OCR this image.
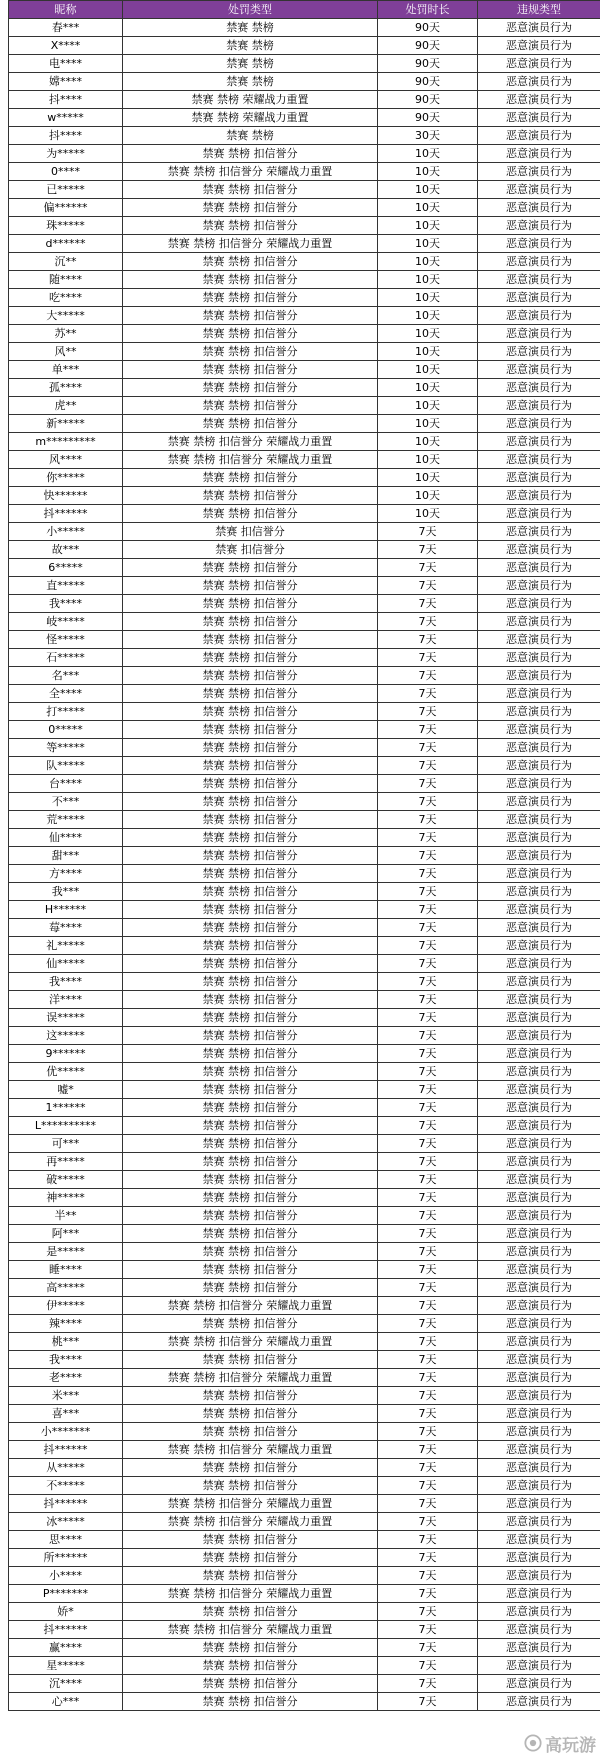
昵称	处罚类型	处罚时长	违规类型
春***	禁赛 禁榜	90天	恶意演员行为
X****	禁赛 禁榜	90天	恶意演员行为
电****	禁赛 禁榜	90天	恶意演员行为
嫦****	禁赛 禁榜	90天	恶意演员行为
抖****	禁赛 禁榜 荣耀战力重置	90天	恶意演员行为
w*****	禁赛 禁榜 荣耀战力重置	90天	恶意演员行为
抖****	禁赛 禁榜	30天	恶意演员行为
为*****	禁赛 禁榜 扣信誉分	10天	恶意演员行为
0****	禁赛 禁榜 扣信誉分 荣耀战力重置	10天	恶意演员行为
已*****	禁赛 禁榜 扣信誉分	10天	恶意演员行为
偏******	禁赛 禁榜 扣信誉分	10天	恶意演员行为
珠*****	禁赛 禁榜 扣信誉分	10天	恶意演员行为
d******	禁赛 禁榜 扣信誉分 荣耀战力重置	10天	恶意演员行为
沉**	禁赛 禁榜 扣信誉分	10天	恶意演员行为
随****	禁赛 禁榜 扣信誉分	10天	恶意演员行为
吃****	禁赛 禁榜 扣信誉分	10天	恶意演员行为
大*****	禁赛 禁榜 扣信誉分	10天	恶意演员行为
苏**	禁赛 禁榜 扣信誉分	10天	恶意演员行为
风**	禁赛 禁榜 扣信誉分	10天	恶意演员行为
单***	禁赛 禁榜 扣信誉分	10天	恶意演员行为
孤****	禁赛 禁榜 扣信誉分	10天	恶意演员行为
虎**	禁赛 禁榜 扣信誉分	10天	恶意演员行为
新*****	禁赛 禁榜 扣信誉分	10天	恶意演员行为
m*********	禁赛 禁榜 扣信誉分 荣耀战力重置	10天	恶意演员行为
风****	禁赛 禁榜 扣信誉分 荣耀战力重置	10天	恶意演员行为
你*****	禁赛 禁榜 扣信誉分	10天	恶意演员行为
快******	禁赛 禁榜 扣信誉分	10天	恶意演员行为
抖******	禁赛 禁榜 扣信誉分	10天	恶意演员行为
小*****	禁赛 扣信誉分	7天	恶意演员行为
故***	禁赛 扣信誉分	7天	恶意演员行为
6*****	禁赛 禁榜 扣信誉分	7天	恶意演员行为
直*****	禁赛 禁榜 扣信誉分	7天	恶意演员行为
我****	禁赛 禁榜 扣信誉分	7天	恶意演员行为
岐*****	禁赛 禁榜 扣信誉分	7天	恶意演员行为
怪*****	禁赛 禁榜 扣信誉分	7天	恶意演员行为
石*****	禁赛 禁榜 扣信誉分	7天	恶意演员行为
名***	禁赛 禁榜 扣信誉分	7天	恶意演员行为
全****	禁赛 禁榜 扣信誉分	7天	恶意演员行为
打*****	禁赛 禁榜 扣信誉分	7天	恶意演员行为
0*****	禁赛 禁榜 扣信誉分	7天	恶意演员行为
等*****	禁赛 禁榜 扣信誉分	7天	恶意演员行为
队*****	禁赛 禁榜 扣信誉分	7天	恶意演员行为
台****	禁赛 禁榜 扣信誉分	7天	恶意演员行为
不***	禁赛 禁榜 扣信誉分	7天	恶意演员行为
荒*****	禁赛 禁榜 扣信誉分	7天	恶意演员行为
仙****	禁赛 禁榜 扣信誉分	7天	恶意演员行为
甜***	禁赛 禁榜 扣信誉分	7天	恶意演员行为
方****	禁赛 禁榜 扣信誉分	7天	恶意演员行为
我***	禁赛 禁榜 扣信誉分	7天	恶意演员行为
H******	禁赛 禁榜 扣信誉分	7天	恶意演员行为
莓****	禁赛 禁榜 扣信誉分	7天	恶意演员行为
礼*****	禁赛 禁榜 扣信誉分	7天	恶意演员行为
仙*****	禁赛 禁榜 扣信誉分	7天	恶意演员行为
我****	禁赛 禁榜 扣信誉分	7天	恶意演员行为
洋****	禁赛 禁榜 扣信誉分	7天	恶意演员行为
误*****	禁赛 禁榜 扣信誉分	7天	恶意演员行为
这*****	禁赛 禁榜 扣信誉分	7天	恶意演员行为
9******	禁赛 禁榜 扣信誉分	7天	恶意演员行为
优*****	禁赛 禁榜 扣信誉分	7天	恶意演员行为
嘘*	禁赛 禁榜 扣信誉分	7天	恶意演员行为
1******	禁赛 禁榜 扣信誉分	7天	恶意演员行为
L**********	禁赛 禁榜 扣信誉分	7天	恶意演员行为
可***	禁赛 禁榜 扣信誉分	7天	恶意演员行为
再*****	禁赛 禁榜 扣信誉分	7天	恶意演员行为
破*****	禁赛 禁榜 扣信誉分	7天	恶意演员行为
神*****	禁赛 禁榜 扣信誉分	7天	恶意演员行为
半**	禁赛 禁榜 扣信誉分	7天	恶意演员行为
阿***	禁赛 禁榜 扣信誉分	7天	恶意演员行为
是*****	禁赛 禁榜 扣信誉分	7天	恶意演员行为
睡****	禁赛 禁榜 扣信誉分	7天	恶意演员行为
高*****	禁赛 禁榜 扣信誉分	7天	恶意演员行为
伊*****	禁赛 禁榜 扣信誉分 荣耀战力重置	7天	恶意演员行为
辣****	禁赛 禁榜 扣信誉分	7天	恶意演员行为
桃***	禁赛 禁榜 扣信誉分 荣耀战力重置	7天	恶意演员行为
我****	禁赛 禁榜 扣信誉分	7天	恶意演员行为
老****	禁赛 禁榜 扣信誉分 荣耀战力重置	7天	恶意演员行为
米***	禁赛 禁榜 扣信誉分	7天	恶意演员行为
喜***	禁赛 禁榜 扣信誉分	7天	恶意演员行为
小*******	禁赛 禁榜 扣信誉分	7天	恶意演员行为
抖******	禁赛 禁榜 扣信誉分 荣耀战力重置	7天	恶意演员行为
从*****	禁赛 禁榜 扣信誉分	7天	恶意演员行为
不*****	禁赛 禁榜 扣信誉分	7天	恶意演员行为
抖******	禁赛 禁榜 扣信誉分 荣耀战力重置	7天	恶意演员行为
冰*****	禁赛 禁榜 扣信誉分 荣耀战力重置	7天	恶意演员行为
思****	禁赛 禁榜 扣信誉分	7天	恶意演员行为
所******	禁赛 禁榜 扣信誉分	7天	恶意演员行为
小****	禁赛 禁榜 扣信誉分	7天	恶意演员行为
P*******	禁赛 禁榜 扣信誉分 荣耀战力重置	7天	恶意演员行为
娇*	禁赛 禁榜 扣信誉分	7天	恶意演员行为
抖******	禁赛 禁榜 扣信誉分 荣耀战力重置	7天	恶意演员行为
赢****	禁赛 禁榜 扣信誉分	7天	恶意演员行为
星*****	禁赛 禁榜 扣信誉分	7天	恶意演员行为
沉****	禁赛 禁榜 扣信誉分	7天	恶意演员行为
心***	禁赛 禁榜 扣信誉分	7天	恶意演员行为
高玩游
